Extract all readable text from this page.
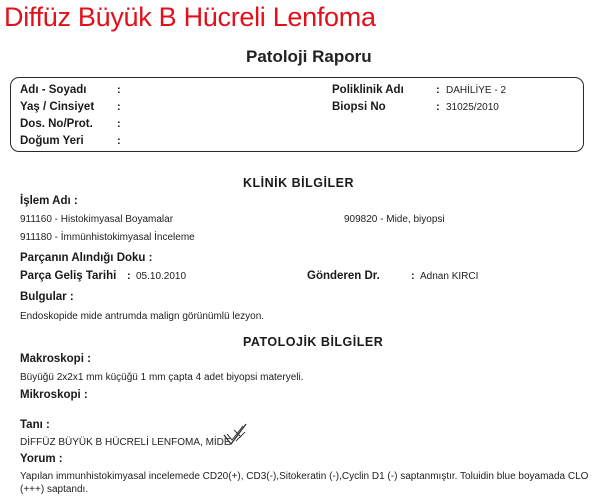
Diffüz Büyük B Hücreli Lenfoma
Patoloji Raporu
Adı - Soyadı	:
Yaş / Cinsiyet :
Dos. No/Prot. :
Doğum Yeri	:
Poliklinik Adı	: DAHİLİYE - 2
Biopsi No	: 31025/2010
KLİNİK BİLGİLER
İşlem Adı :
911160 - Histokimyasal Boyamalar
911180 - İmmünhistokimyasal İnceleme
909820 - Mide, biyopsi
Parçanın Alındığı Doku :
Parça Geliş Tarihi : 05.10.2010	Gönderen Dr.	: Adnan KIRCI
Bulgular :
Endoskopide mide antrumda malign görünümlü lezyon.
PATOLOJİK BİLGİLER
Makroskopi :
Büyüğü 2x2x1 mm küçüğü 1 mm çapta 4 adet biyopsi materyeli.
Mikroskopi :
Tanı :
DİFFÜZ BÜYÜK B HÜCRELİ LENFOMA, MİDE
Yorum :
Yapılan immunhistokimyasal incelemede CD20(+), CD3(-),Sitokeratin (-),Cyclin D1 (-) saptanmıştır. Toluidin blue boyamada CLO (+++) saptandı.
